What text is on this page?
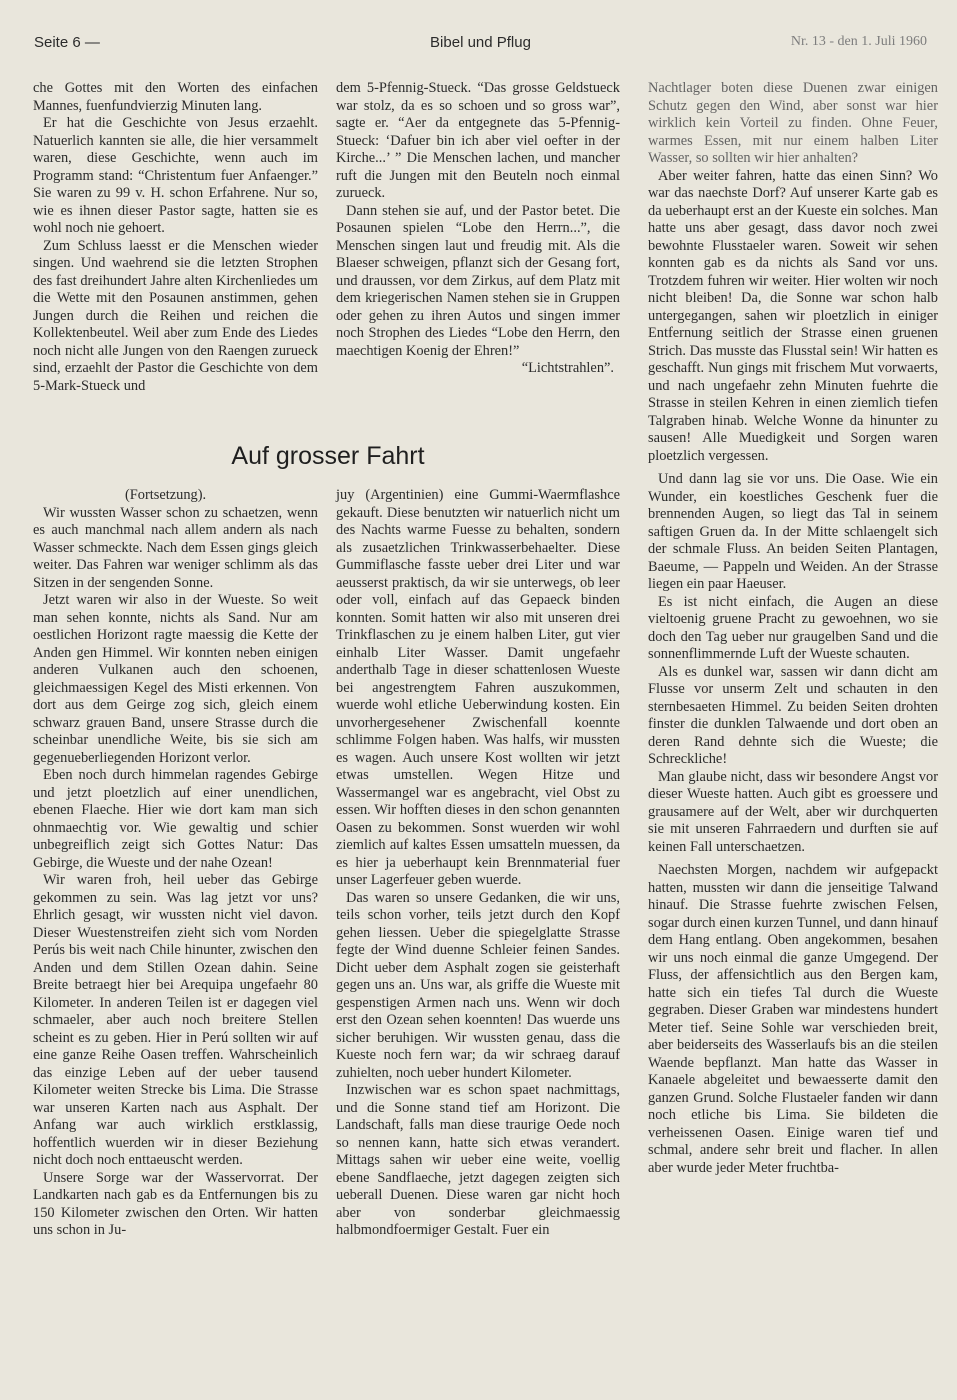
Seite 6 —	Bibel und Pflug	Nr. 13 - den 1. Juli 1960

che Gottes mit den Worten des einfachen Mannes, fuenfundvierzig Minuten lang.

Er hat die Geschichte von Jesus erzaehlt. Natuerlich kannten sie alle, die hier versammelt waren, diese Geschichte, wenn auch im Programm stand: “Christentum fuer Anfaenger.” Sie waren zu 99 v. H. schon Erfahrene. Nur so, wie es ihnen dieser Pastor sagte, hatten sie es wohl noch nie gehoert.

Zum Schluss laesst er die Menschen wieder singen. Und waehrend sie die letzten Strophen des fast dreihundert Jahre alten Kirchenliedes um die Wette mit den Posaunen anstimmen, gehen Jungen durch die Reihen und reichen die Kollektenbeutel. Weil aber zum Ende des Liedes noch nicht alle Jungen von den Raengen zurueck sind, erzaehlt der Pastor die Geschichte von dem 5-Mark-Stueck und

dem 5-Pfennig-Stueck. “Das grosse Geldstueck war stolz, da es so schoen und so gross war”, sagte er. “Aer da entgegnete das 5-Pfennig-Stueck: ‘Dafuer bin ich aber viel oefter in der Kirche...’ ” Die Menschen lachen, und mancher ruft die Jungen mit den Beuteln noch einmal zurueck.

Dann stehen sie auf, und der Pastor betet. Die Posaunen spielen “Lobe den Herrn...”, die Menschen singen laut und freudig mit. Als die Blaeser schweigen, pflanzt sich der Gesang fort, und draussen, vor dem Zirkus, auf dem Platz mit dem kriegerischen Namen stehen sie in Gruppen oder gehen zu ihren Autos und singen immer noch Strophen des Liedes “Lobe den Herrn, den maechtigen Koenig der Ehren!”

“Lichtstrahlen”.

Auf grosser Fahrt

(Fortsetzung).

Wir wussten Wasser schon zu schaetzen, wenn es auch manchmal nach allem andern als nach Wasser schmeckte. Nach dem Essen gings gleich weiter. Das Fahren war weniger schlimm als das Sitzen in der sengenden Sonne.

Jetzt waren wir also in der Wueste. So weit man sehen konnte, nichts als Sand. Nur am oestlichen Horizont ragte maessig die Kette der Anden gen Himmel. Wir konnten neben einigen anderen Vulkanen auch den schoenen, gleichmaessigen Kegel des Misti erkennen. Von dort aus dem Geirge zog sich, gleich einem schwarz grauen Band, unsere Strasse durch die scheinbar unendliche Weite, bis sie sich am gegenueberliegenden Horizont verlor.

Eben noch durch himmelan ragendes Gebirge und jetzt ploetzlich auf einer unendlichen, ebenen Flaeche. Hier wie dort kam man sich ohnmaechtig vor. Wie gewaltig und schier unbegreiflich zeigt sich Gottes Natur: Das Gebirge, die Wueste und der nahe Ozean!

Wir waren froh, heil ueber das Gebirge gekommen zu sein. Was lag jetzt vor uns? Ehrlich gesagt, wir wussten nicht viel davon. Dieser Wuestenstreifen zieht sich vom Norden Perús bis weit nach Chile hinunter, zwischen den Anden und dem Stillen Ozean dahin. Seine Breite betraegt hier bei Arequipa ungefaehr 80 Kilometer. In anderen Teilen ist er dagegen viel schmaeler, aber auch noch breitere Stellen scheint es zu geben. Hier in Perú sollten wir auf eine ganze Reihe Oasen treffen. Wahrscheinlich das einzige Leben auf der ueber tausend Kilometer weiten Strecke bis Lima. Die Strasse war unseren Karten nach aus Asphalt. Der Anfang war auch wirklich erstklassig, hoffentlich wuerden wir in dieser Beziehung nicht doch noch enttaeuscht werden.

Unsere Sorge war der Wasservorrat. Der Landkarten nach gab es da Entfernungen bis zu 150 Kilometer zwischen den Orten. Wir hatten uns schon in Ju-

juy (Argentinien) eine Gummi-Waermflashce gekauft. Diese benutzten wir natuerlich nicht um des Nachts warme Fuesse zu behalten, sondern als zusaetzlichen Trinkwasserbehaelter. Diese Gummiflasche fasste ueber drei Liter und war aeusserst praktisch, da wir sie unterwegs, ob leer oder voll, einfach auf das Gepaeck binden konnten. Somit hatten wir also mit unseren drei Trinkflaschen zu je einem halben Liter, gut vier einhalb Liter Wasser. Damit ungefaehr anderthalb Tage in dieser schattenlosen Wueste bei angestrengtem Fahren auszukommen, wuerde wohl etliche Ueberwindung kosten. Ein unvorhergesehener Zwischenfall koennte schlimme Folgen haben. Was halfs, wir mussten es wagen. Auch unsere Kost wollten wir jetzt etwas umstellen. Wegen Hitze und Wassermangel war es angebracht, viel Obst zu essen. Wir hofften dieses in den schon genannten Oasen zu bekommen. Sonst wuerden wir wohl ziemlich auf kaltes Essen umsatteln muessen, da es hier ja ueberhaupt kein Brennmaterial fuer unser Lagerfeuer geben wuerde.

Das waren so unsere Gedanken, die wir uns, teils schon vorher, teils jetzt durch den Kopf gehen liessen. Ueber die spiegelglatte Strasse fegte der Wind duenne Schleier feinen Sandes. Dicht ueber dem Asphalt zogen sie geisterhaft gegen uns an. Uns war, als griffe die Wueste mit gespenstigen Armen nach uns. Wenn wir doch erst den Ozean sehen koennten! Das wuerde uns sicher beruhigen. Wir wussten genau, dass die Kueste noch fern war; da wir schraeg darauf zuhielten, noch ueber hundert Kilometer.

Inzwischen war es schon spaet nachmittags, und die Sonne stand tief am Horizont. Die Landschaft, falls man diese traurige Oede noch so nennen kann, hatte sich etwas verandert. Mittags sahen wir ueber eine weite, voellig ebene Sandflaeche, jetzt dagegen zeigten sich ueberall Duenen. Diese waren gar nicht hoch aber von sonderbar gleichmaessig halbmondfoermiger Gestalt. Fuer ein

Nachtlager boten diese Duenen zwar einigen Schutz gegen den Wind, aber sonst war hier wirklich kein Vorteil zu finden. Ohne Feuer, warmes Essen, mit nur einem halben Liter Wasser, so sollten wir hier anhalten?

Aber weiter fahren, hatte das einen Sinn? Wo war das naechste Dorf? Auf unserer Karte gab es da ueberhaupt erst an der Kueste ein solches. Man hatte uns aber gesagt, dass davor noch zwei bewohnte Flusstaeler waren. Soweit wir sehen konnten gab es da nichts als Sand vor uns. Trotzdem fuhren wir weiter. Hier wolten wir noch nicht bleiben! Da, die Sonne war schon halb untergegangen, sahen wir ploetzlich in einiger Entfernung seitlich der Strasse einen gruenen Strich. Das musste das Flusstal sein! Wir hatten es geschafft. Nun gings mit frischem Mut vorwaerts, und nach ungefaehr zehn Minuten fuehrte die Strasse in steilen Kehren in einen ziemlich tiefen Talgraben hinab. Welche Wonne da hinunter zu sausen! Alle Muedigkeit und Sorgen waren ploetzlich vergessen.

Und dann lag sie vor uns. Die Oase. Wie ein Wunder, ein koestliches Geschenk fuer die brennenden Augen, so liegt das Tal in seinem saftigen Gruen da. In der Mitte schlaengelt sich der schmale Fluss. An beiden Seiten Plantagen, Baeume, — Pappeln und Weiden. An der Strasse liegen ein paar Haeuser.

Es ist nicht einfach, die Augen an diese vieltoenig gruene Pracht zu gewoehnen, wo sie doch den Tag ueber nur graugelben Sand und die sonnenflimmernde Luft der Wueste schauten.

Als es dunkel war, sassen wir dann dicht am Flusse vor unserm Zelt und schauten in den sternbesaeten Himmel. Zu beiden Seiten drohten finster die dunklen Talwaende und dort oben an deren Rand dehnte sich die Wueste; die Schreckliche!

Man glaube nicht, dass wir besondere Angst vor dieser Wueste hatten. Auch gibt es groessere und grausamere auf der Welt, aber wir durchquerten sie mit unseren Fahrraedern und durften sie auf keinen Fall unterschaetzen.

Naechsten Morgen, nachdem wir aufgepackt hatten, mussten wir dann die jenseitige Talwand hinauf. Die Strasse fuehrte zwischen Felsen, sogar durch einen kurzen Tunnel, und dann hinauf dem Hang entlang. Oben angekommen, besahen wir uns noch einmal die ganze Umgegend. Der Fluss, der affensichtlich aus den Bergen kam, hatte sich ein tiefes Tal durch die Wueste gegraben. Dieser Graben war mindestens hundert Meter tief. Seine Sohle war verschieden breit, aber beiderseits des Wasserlaufs bis an die steilen Waende bepflanzt. Man hatte das Wasser in Kanaele abgeleitet und bewaesserte damit den ganzen Grund. Solche Flustaeler fanden wir dann noch etliche bis Lima. Sie bildeten die verheissenen Oasen. Einige waren tief und schmal, andere sehr breit und flacher. In allen aber wurde jeder Meter fruchtba-
